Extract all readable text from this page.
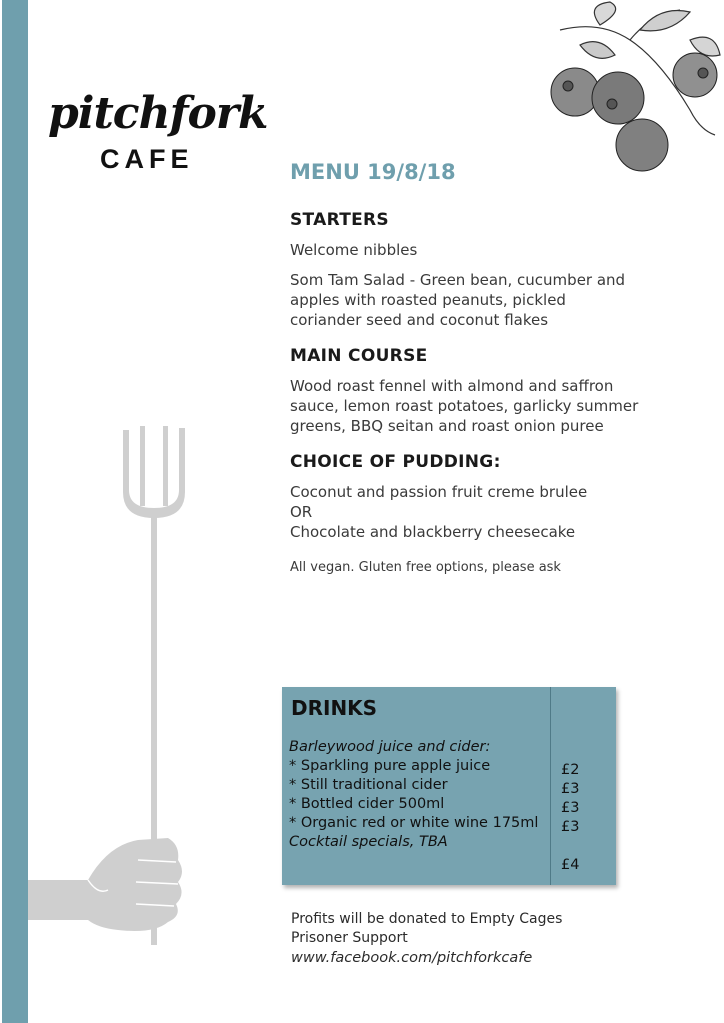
pitchfork

CAFE	MENU 19/8/18
STARTERS

Welcome nibbles

Som Tam Salad - Green bean, cucumber and apples with roasted peanuts, pickled coriander seed and coconut flakes

MAIN COURSE

Wood roast fennel with almond and saffron sauce, lemon roast potatoes, garlicky summer greens, BBQ seitan and roast onion puree

CHOICE OF PUDDING:

Coconut and passion fruit creme brulee

OR

Chocolate and blackberry cheesecake

All vegan. Gluten free options, please ask

DRINKS

Barleywood juice and cider:

* Sparkling pure apple juice

* Still traditional cider

* Bottled cider 500ml

* Organic red or white wine 175ml

Cocktail specials, TBA

£2

£3

£3

£3

£4

Profits will be donated to Empty Cages

Prisoner Support

www.facebook.com/pitchforkcafe
